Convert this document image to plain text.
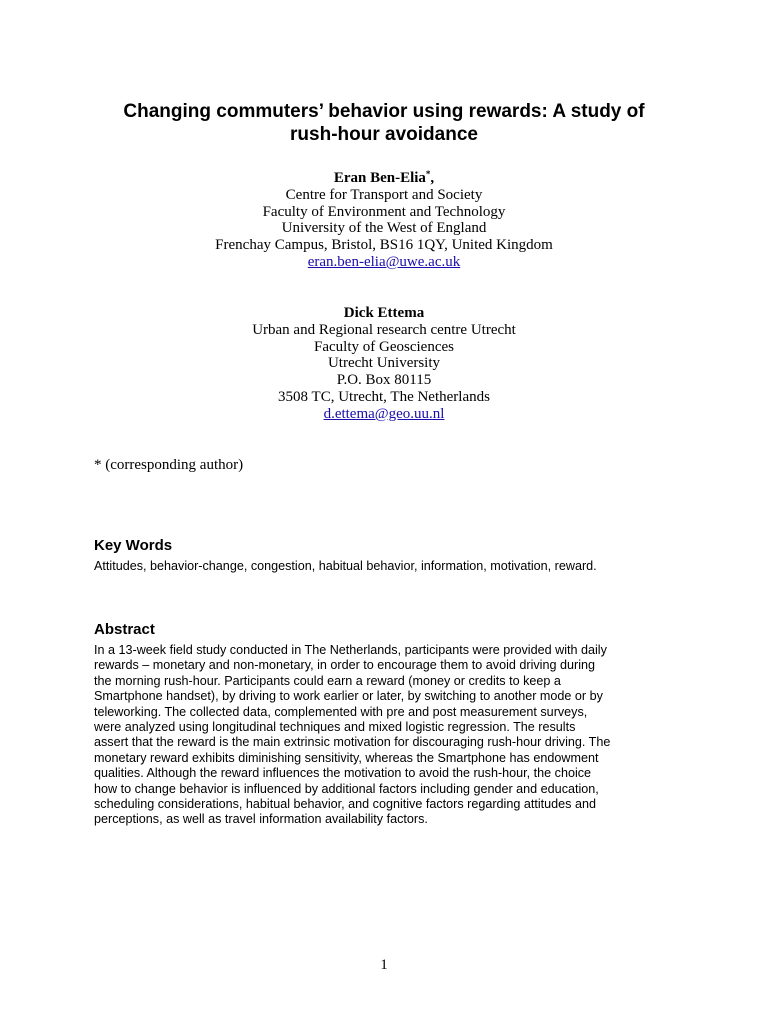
Changing commuters’ behavior using rewards: A study of
rush-hour avoidance
Eran Ben-Elia*,
Centre for Transport and Society
Faculty of Environment and Technology
University of the West of England
Frenchay Campus, Bristol, BS16 1QY, United Kingdom
eran.ben-elia@uwe.ac.uk
Dick Ettema
Urban and Regional research centre Utrecht
Faculty of Geosciences
Utrecht University
P.O. Box 80115
3508 TC, Utrecht, The Netherlands
d.ettema@geo.uu.nl
* (corresponding author)
Key Words
Attitudes, behavior-change, congestion, habitual behavior, information, motivation, reward.
Abstract
In a 13-week field study conducted in The Netherlands, participants were provided with daily
rewards – monetary and non-monetary, in order to encourage them to avoid driving during
the morning rush-hour. Participants could earn a reward (money or credits to keep a
Smartphone handset), by driving to work earlier or later, by switching to another mode or by
teleworking. The collected data, complemented with pre and post measurement surveys,
were analyzed using longitudinal techniques and mixed logistic regression. The results
assert that the reward is the main extrinsic motivation for discouraging rush-hour driving. The
monetary reward exhibits diminishing sensitivity, whereas the Smartphone has endowment
qualities. Although the reward influences the motivation to avoid the rush-hour, the choice
how to change behavior is influenced by additional factors including gender and education,
scheduling considerations, habitual behavior, and cognitive factors regarding attitudes and
perceptions, as well as travel information availability factors.
1
